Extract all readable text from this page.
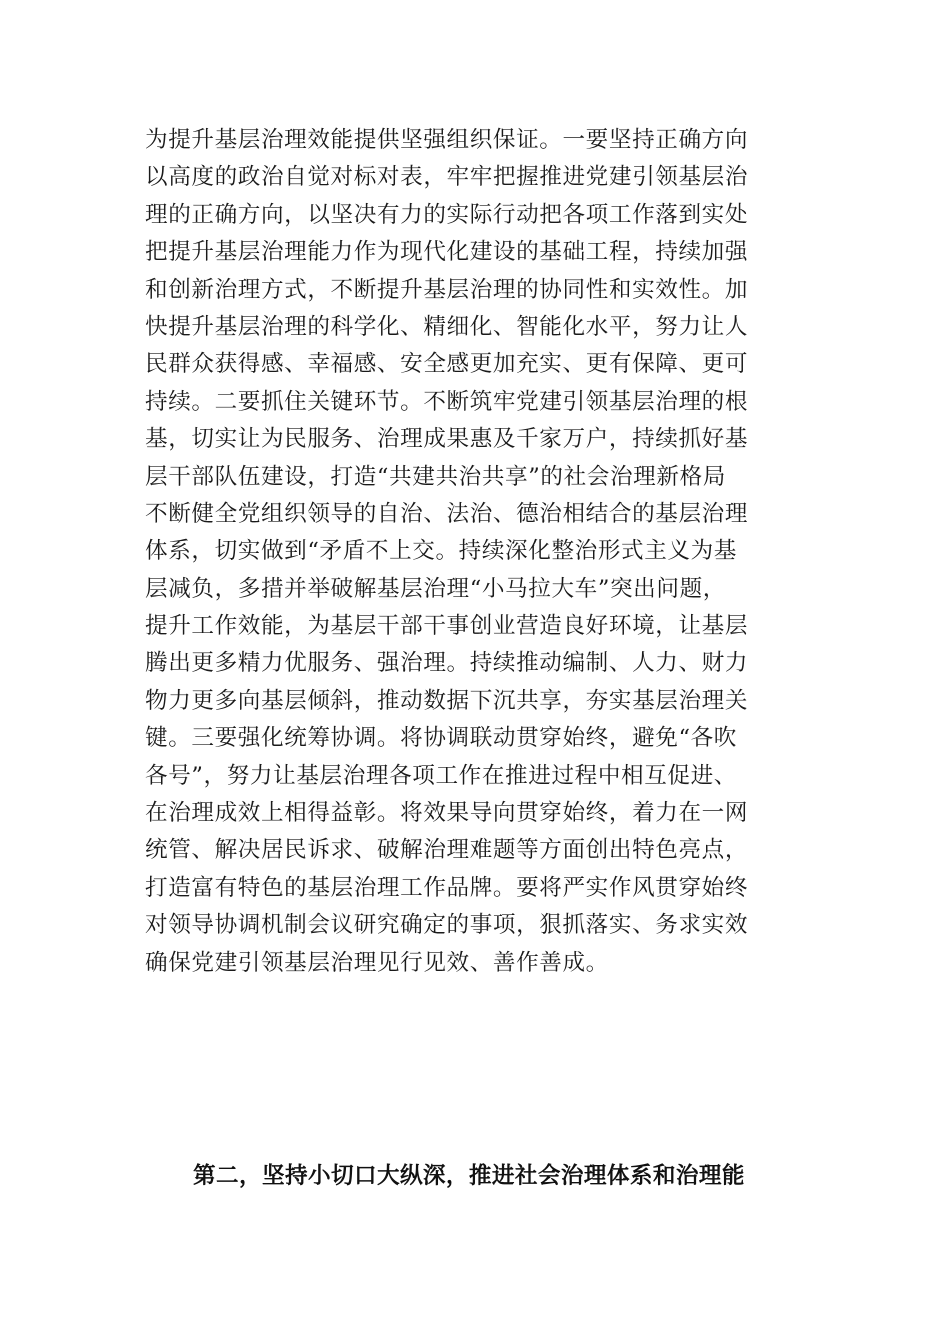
为提升基层治理效能提供坚强组织保证。一要坚持正确方向
以高度的政治自觉对标对表，牢牢把握推进党建引领基层治
理的正确方向，以坚决有力的实际行动把各项工作落到实处
把提升基层治理能力作为现代化建设的基础工程，持续加强
和创新治理方式，不断提升基层治理的协同性和实效性。加
快提升基层治理的科学化、精细化、智能化水平，努力让人
民群众获得感、幸福感、安全感更加充实、更有保障、更可
持续。二要抓住关键环节。不断筑牢党建引领基层治理的根
基，切实让为民服务、治理成果惠及千家万户，持续抓好基
层干部队伍建设，打造“共建共治共享”的社会治理新格局
不断健全党组织领导的自治、法治、德治相结合的基层治理
体系，切实做到“矛盾不上交。持续深化整治形式主义为基
层减负，多措并举破解基层治理“小马拉大车”突出问题，
提升工作效能，为基层干部干事创业营造良好环境，让基层
腾出更多精力优服务、强治理。持续推动编制、人力、财力
物力更多向基层倾斜，推动数据下沉共享，夯实基层治理关
键。三要强化统筹协调。将协调联动贯穿始终，避免“各吹
各号”，努力让基层治理各项工作在推进过程中相互促进、
在治理成效上相得益彰。将效果导向贯穿始终，着力在一网
统管、解决居民诉求、破解治理难题等方面创出特色亮点，
打造富有特色的基层治理工作品牌。要将严实作风贯穿始终
对领导协调机制会议研究确定的事项，狠抓落实、务求实效
确保党建引领基层治理见行见效、善作善成。
第二，坚持小切口大纵深，推进社会治理体系和治理能
